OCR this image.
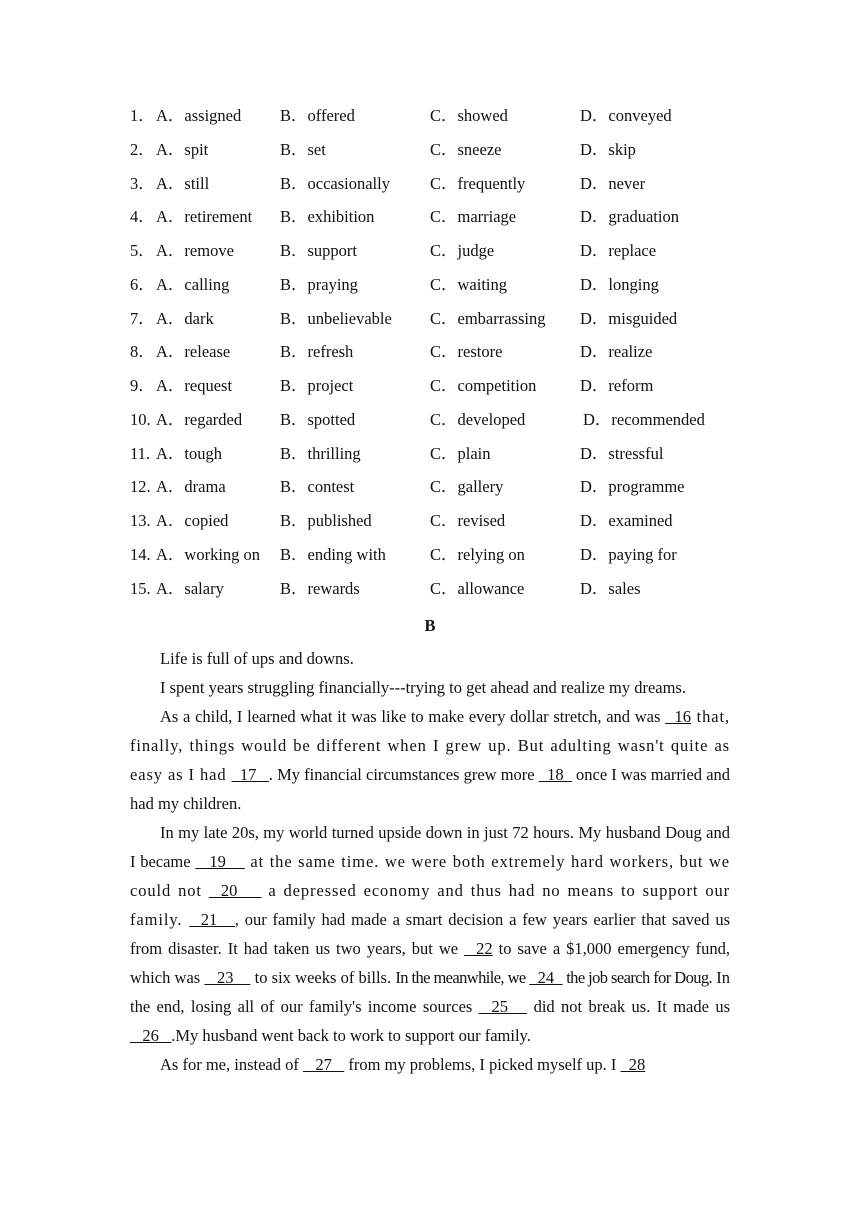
1． A．assigned B．offered	C．showed	D．conveyed
2． A．spit	B．set	C．sneeze	D．skip
3． A．still	B．occasionally C．frequently	D．never
4． A．retirement B．exhibition	C．marriage	D．graduation
5． A．remove	B．support	C．judge	D．replace
6． A．calling	B．praying	C．waiting	D．longing
7． A．dark	B．unbelievable C．embarrassing D．misguided
8． A．release	B．refresh	C．restore	D．realize
9． A．request	B．project	C．competition	D．reform
10. A．regarded B．spotted	C．developed	D．recommended
11. A．tough	B．thrilling	C．plain	D．stressful
12. A．drama	B．contest	C．gallery	D．programme
13. A．copied	B．published	C．revised	D．examined
14. A．working on B．ending with	C．relying on	D．paying for
15. A．salary	B．rewards	C．allowance	D．sales
B

Life is full of ups and downs.

I spent years struggling financially---trying to get ahead and realize my dreams.

As a child, I learned what it was like to make every dollar stretch, and was   16 that, finally, things would be different when I grew up. But adulting wasn't quite as easy as I had   17   . My financial circumstances grew more   18   once I was married and had my children.

In my late 20s, my world turned upside down in just 72 hours. My husband Doug and I became    19     at the same time. we were both extremely hard workers, but we could not   20     a depressed economy and thus had no means to support our family.   21   , our family had made a smart decision a few years earlier that saved us from disaster. It had taken us two years, but we   22 to save a $1,000 emergency fund, which was    23     to six weeks of bills. In the meanwhile, we   24   the job search for Doug. In the end, losing all of our family's income sources   25    did not break us. It made us   26   .My husband went back to work to support our family.

As for me, instead of    27    from my problems, I picked myself up. I   28
